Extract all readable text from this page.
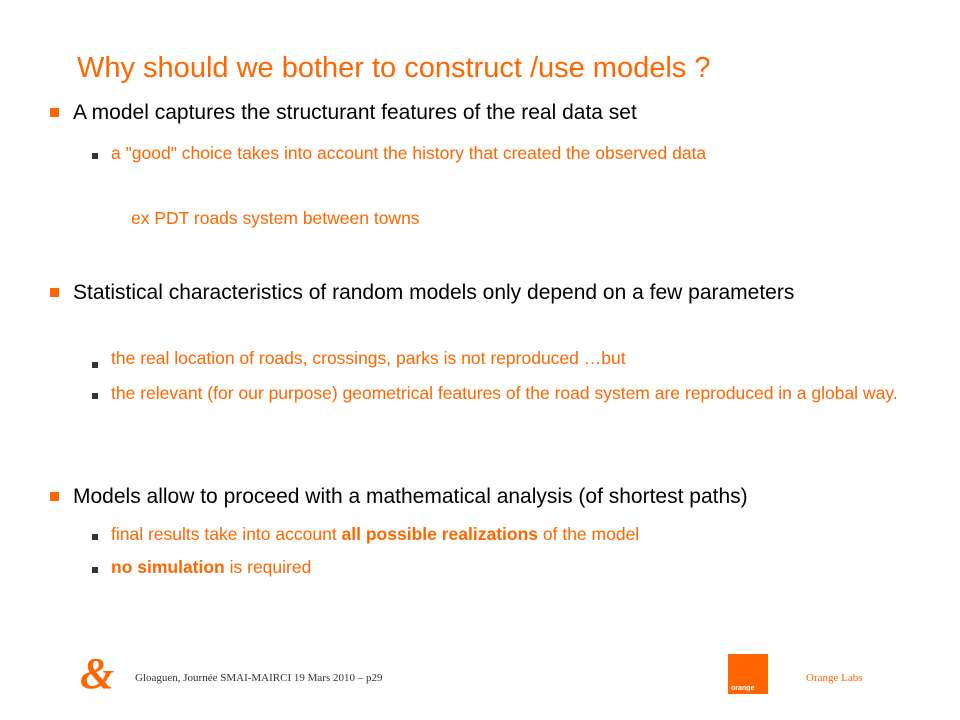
Why should we bother to construct /use models ?
A model captures the structurant features of the real data set
a "good" choice takes into account the history that created the observed data
ex PDT roads system between towns
Statistical characteristics of random models only depend on a few parameters
the real location of roads, crossings, parks is not reproduced …but
the relevant (for our purpose) geometrical features of the road system are reproduced in a global way.
Models allow to proceed with a mathematical analysis (of shortest paths)
final results take into account all possible realizations of the model
no simulation is required
&	Gloaguen, Journée SMAI-MAIRCI 19 Mars 2010 – p29
orange
Orange Labs
